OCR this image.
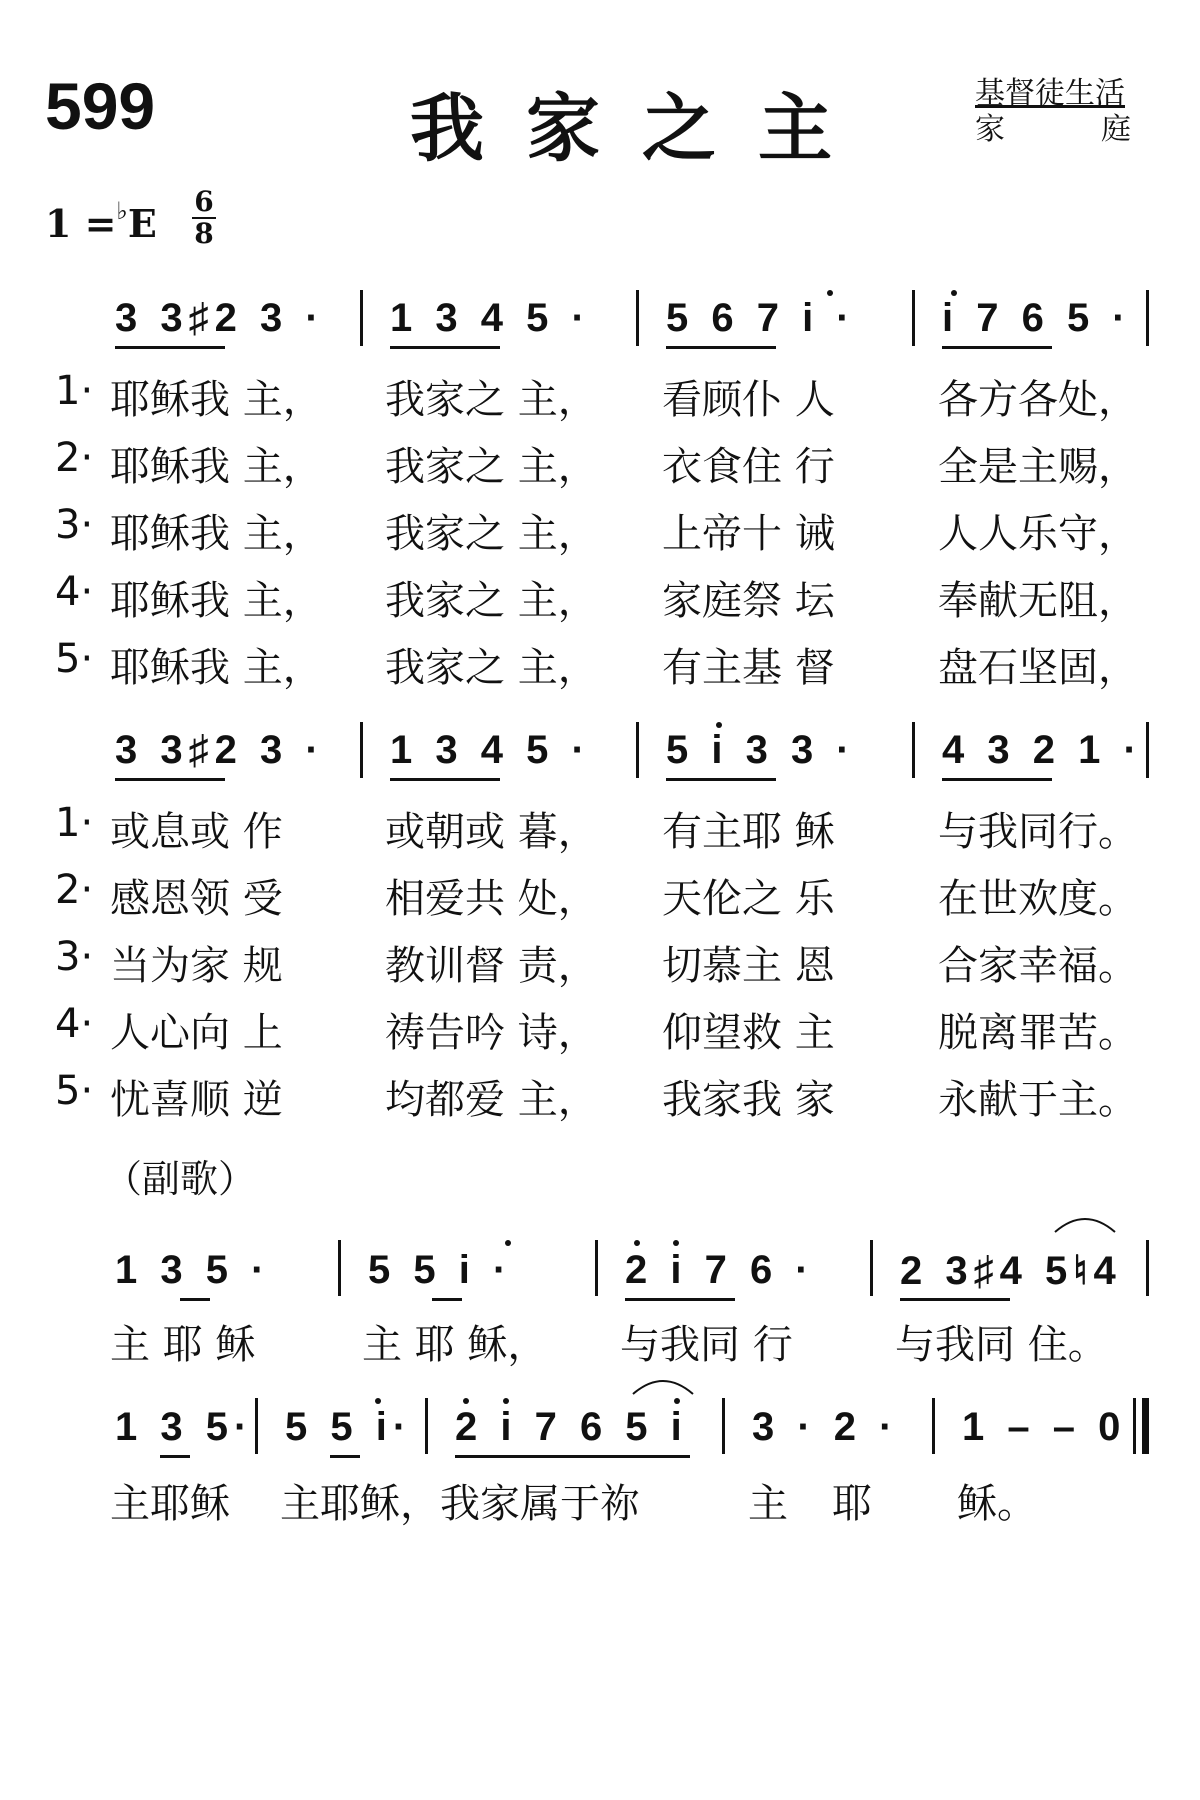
599	我家之主	基督徒生活
家	庭
1 =♭E 6
8
3 3♯2 3 · 1 3 4 5 · 5 6 7 i · i 7 6 5 ·
1· 耶稣我 主， 我家之 主， 看顾仆 人	各方各处，
2· 耶稣我 主， 我家之 主， 衣食住 行	全是主赐，
3· 耶稣我 主， 我家之 主， 上帝十 诫	人人乐守，
4· 耶稣我 主， 我家之 主， 家庭祭 坛	奉献无阻，
5· 耶稣我 主， 我家之 主， 有主基 督	盘石坚固，
3 3♯2 3 · 1 3 4 5 · 5 i 3 3 · 4 3 2 1 ·
1· 或息或 作	或朝或 暮， 有主耶 稣	与我同行。
2· 感恩领 受	相爱共 处， 天伦之 乐	在世欢度。
3· 当为家 规	教训督 责， 切慕主 恩	合家幸福。
4· 人心向 上	祷告吟 诗， 仰望救 主	脱离罪苦。
5· 忧喜顺 逆	均都爱 主， 我家我 家	永献于主。
（副歌）
1 3 5 · 5 5 i ·	2 i 7 6 · 2 3♯4 5♮4
主 耶 稣	主 耶 稣， 与我同 行	与我同 住。
1 3 5· 5 5 i· 2 i 7 6 5 i 3 · 2 · 1 – – 0
主耶稣 主耶稣，我家属于祢	主 耶 稣。
